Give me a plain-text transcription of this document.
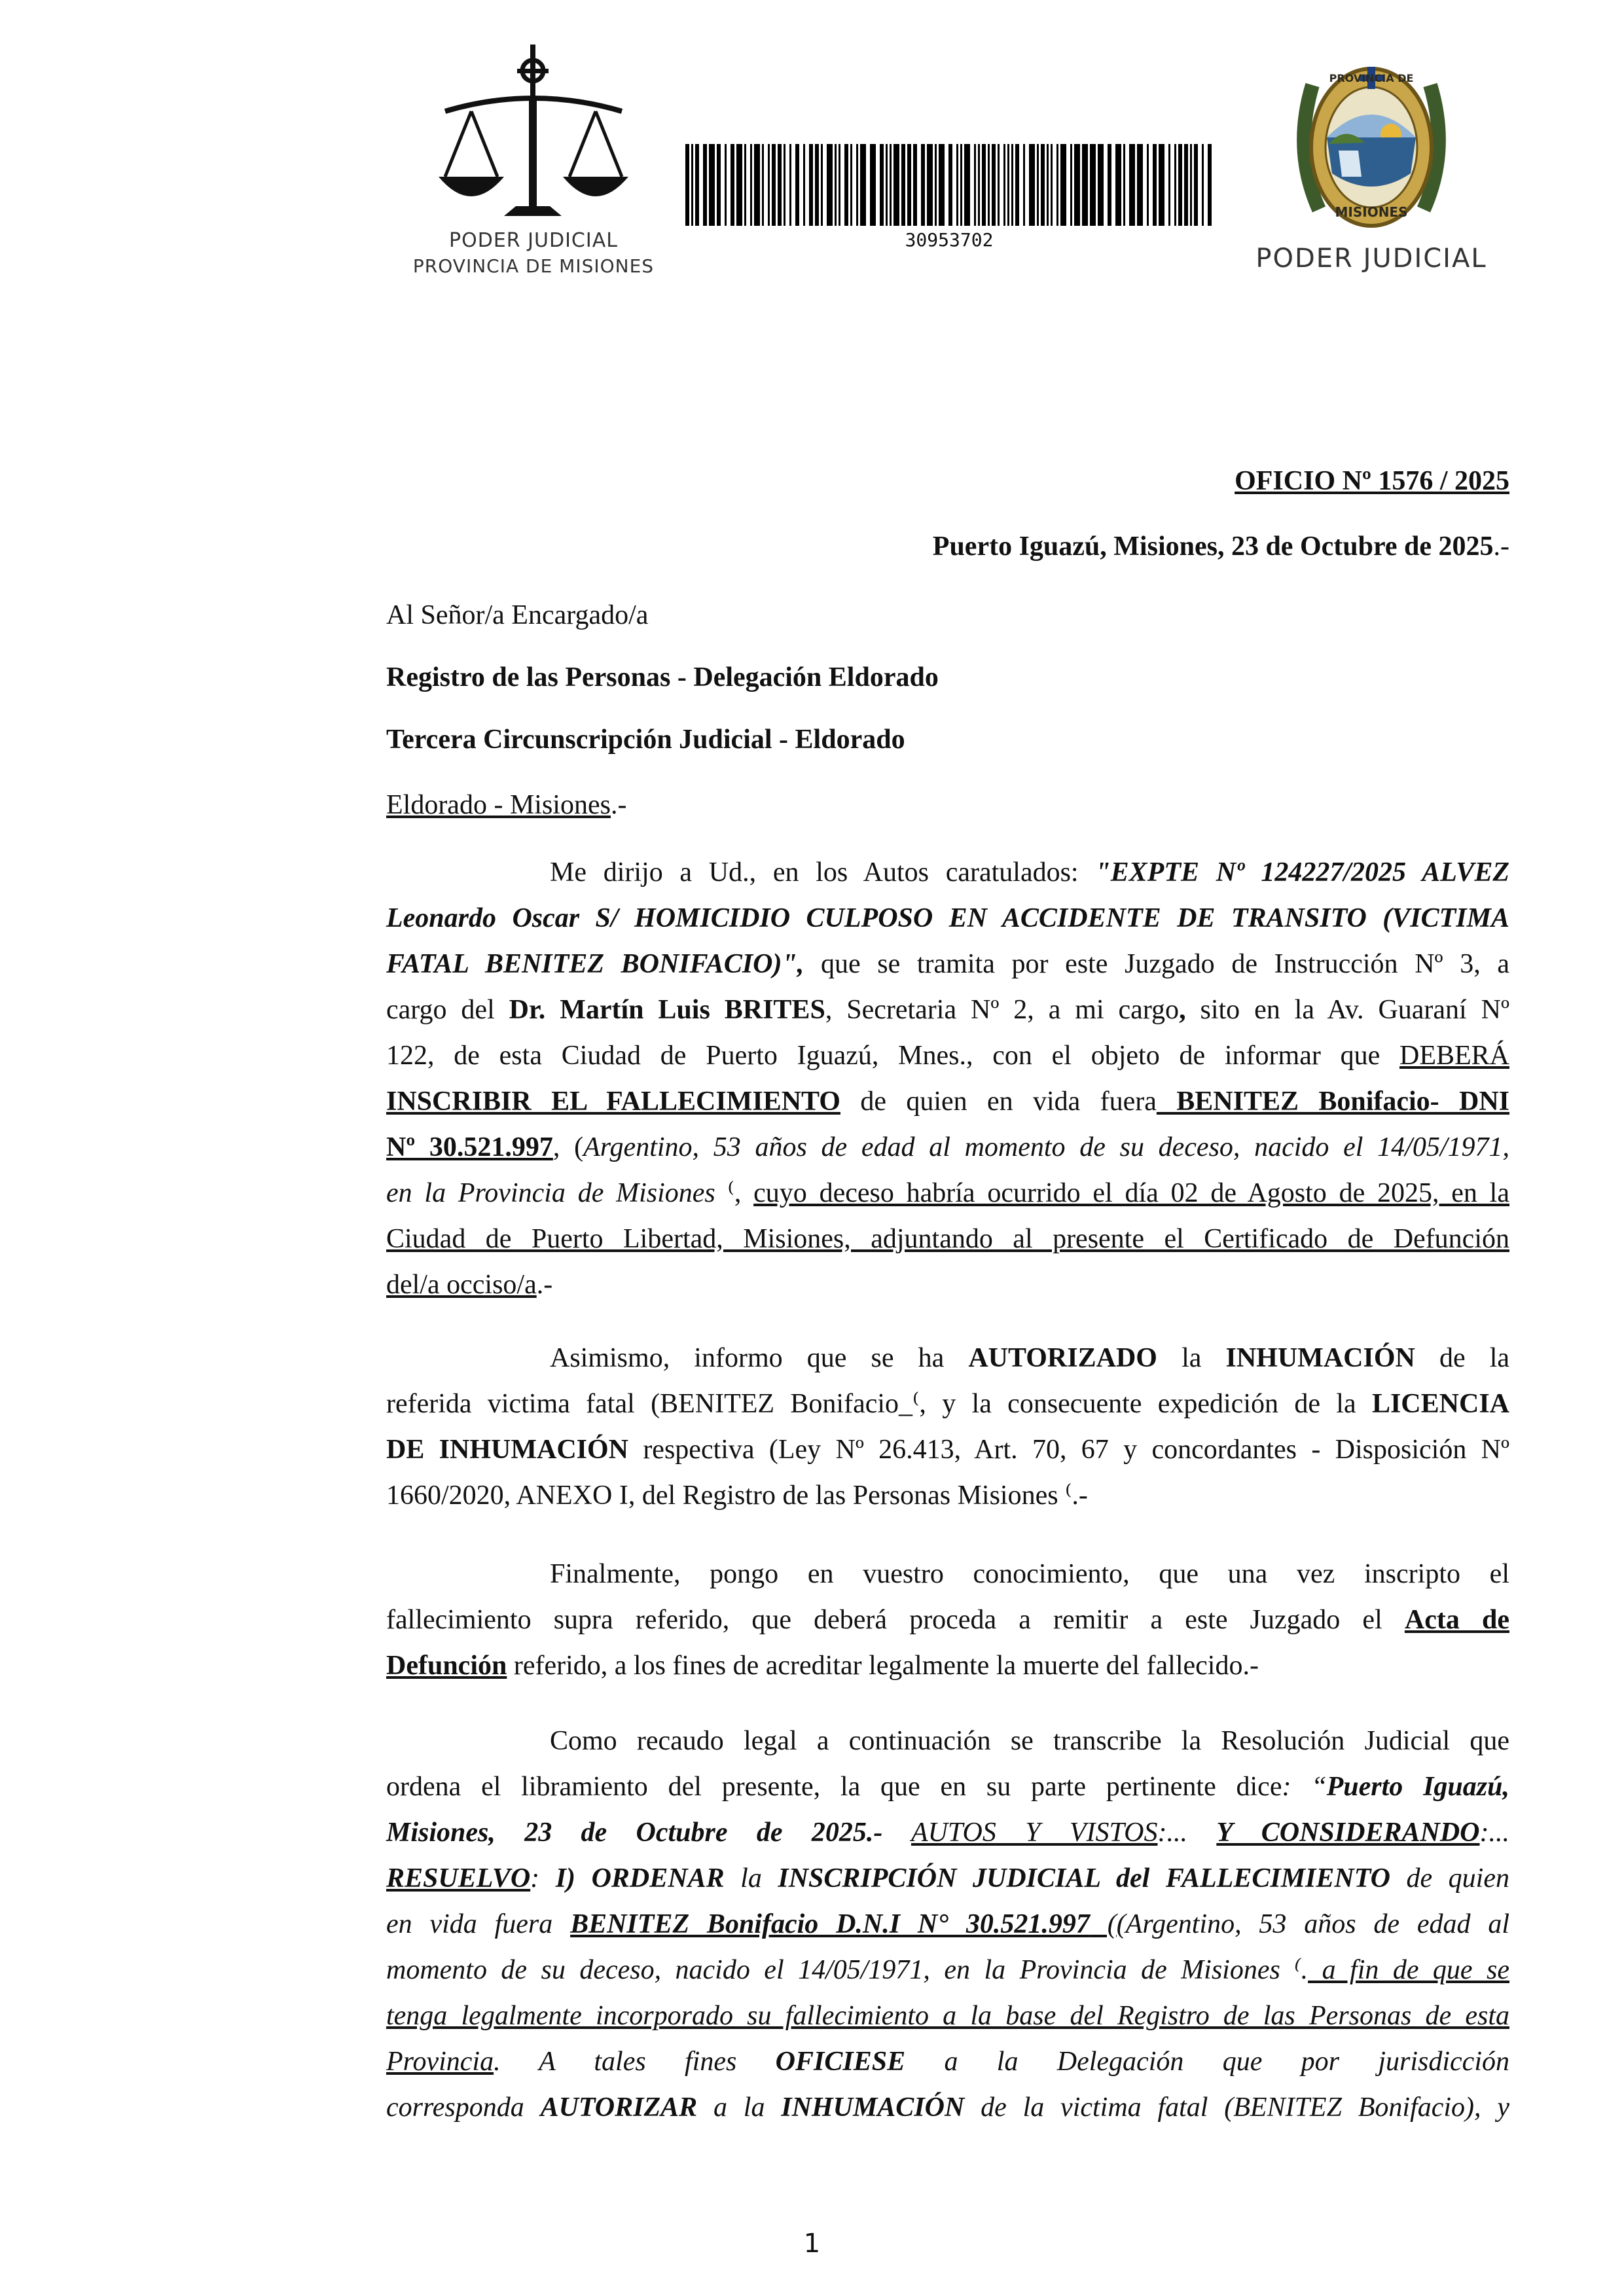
PODER JUDICIAL
PROVINCIA DE MISIONES
30953702
PROVINCIA DE
MISIONES
PODER JUDICIAL
OFICIO Nº 1576 / 2025
Puerto Iguazú, Misiones, 23 de Octubre de 2025.-
Al Señor/a Encargado/a
Registro de las Personas - Delegación Eldorado
Tercera Circunscripción Judicial - Eldorado
Eldorado - Misiones.-
Me dirijo a Ud., en los Autos caratulados: "EXPTE Nº 124227/2025 ALVEZ
Leonardo Oscar S/ HOMICIDIO CULPOSO EN ACCIDENTE DE TRANSITO (VICTIMA
FATAL BENITEZ BONIFACIO)", que se tramita por este Juzgado de Instrucción Nº 3, a
cargo del Dr. Martín Luis BRITES, Secretaria Nº 2, a mi cargo, sito en la Av. Guaraní Nº
122, de esta Ciudad de Puerto Iguazú, Mnes., con el objeto de informar que DEBERÁ
INSCRIBIR EL FALLECIMIENTO de quien en vida fuera BENITEZ Bonifacio- DNI
Nº 30.521.997, (Argentino, 53 años de edad al momento de su deceso, nacido el 14/05/1971,
en la Provincia de Misiones ⁽, cuyo deceso habría ocurrido el día 02 de Agosto de 2025, en la
Ciudad de Puerto Libertad, Misiones, adjuntando al presente el Certificado de Defunción
del/a occiso/a.-
Asimismo, informo que se ha AUTORIZADO la INHUMACIÓN de la
referida victima fatal (BENITEZ Bonifacio_⁽, y la consecuente expedición de la LICENCIA
DE INHUMACIÓN respectiva (Ley Nº 26.413, Art. 70, 67 y concordantes - Disposición Nº
1660/2020, ANEXO I, del Registro de las Personas Misiones ⁽.-
Finalmente, pongo en vuestro conocimiento, que una vez inscripto el
fallecimiento supra referido, que deberá proceda a remitir a este Juzgado el Acta de
Defunción referido, a los fines de acreditar legalmente la muerte del fallecido.-
Como recaudo legal a continuación se transcribe la Resolución Judicial que
ordena el libramiento del presente, la que en su parte pertinente dice: “Puerto Iguazú,
Misiones, 23 de Octubre de 2025.- AUTOS Y VISTOS:... Y CONSIDERANDO:...
RESUELVO: I) ORDENAR la INSCRIPCIÓN JUDICIAL del FALLECIMIENTO de quien
en vida fuera BENITEZ Bonifacio D.N.I N° 30.521.997 ((Argentino, 53 años de edad al
momento de su deceso, nacido el 14/05/1971, en la Provincia de Misiones ⁽. a fin de que se
tenga legalmente incorporado su fallecimiento a la base del Registro de las Personas de esta
Provincia. A tales fines OFICIESE a la Delegación que por jurisdicción
corresponda AUTORIZAR a la INHUMACIÓN de la victima fatal (BENITEZ Bonifacio), y
1
